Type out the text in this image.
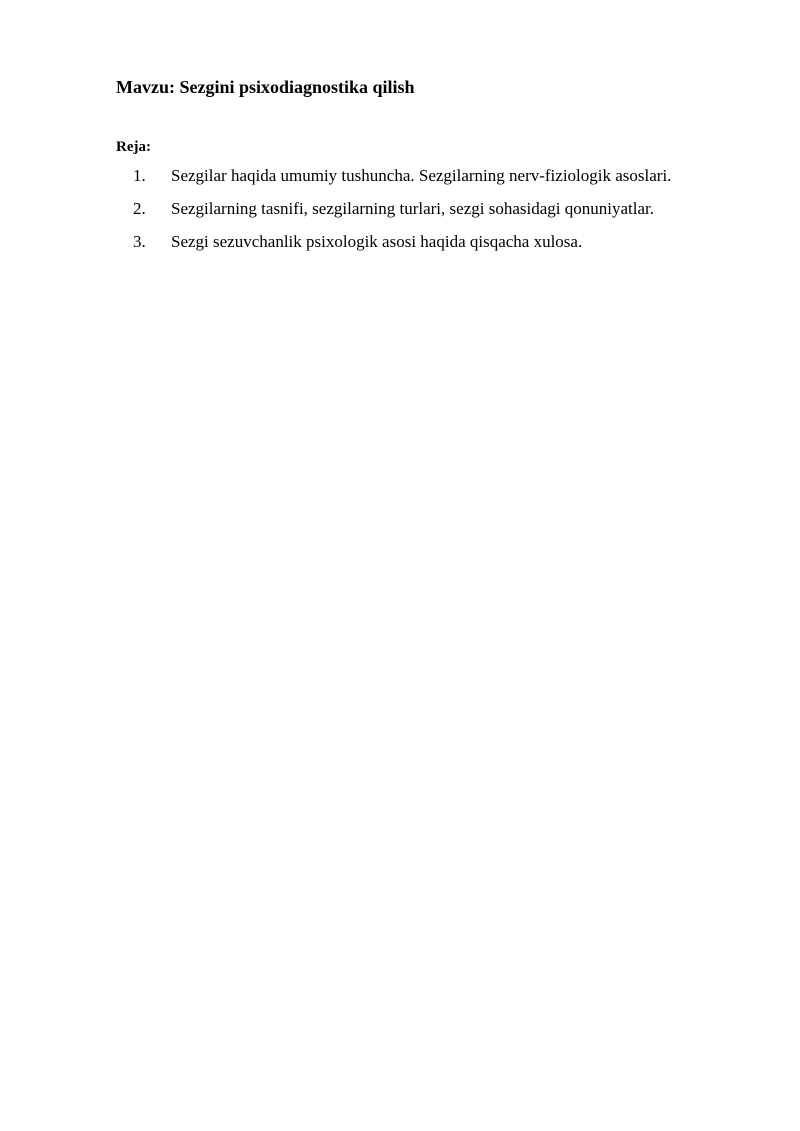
Mavzu: Sezgini psixodiagnostika qilish
Reja:
1. Sezgilar haqida umumiy tushuncha. Sezgilarning nerv-fiziologik asoslari.
2. Sezgilarning tasnifi, sezgilarning turlari, sezgi sohasidagi qonuniyatlar.
3. Sezgi sezuvchanlik psixologik asosi haqida qisqacha xulosa.
